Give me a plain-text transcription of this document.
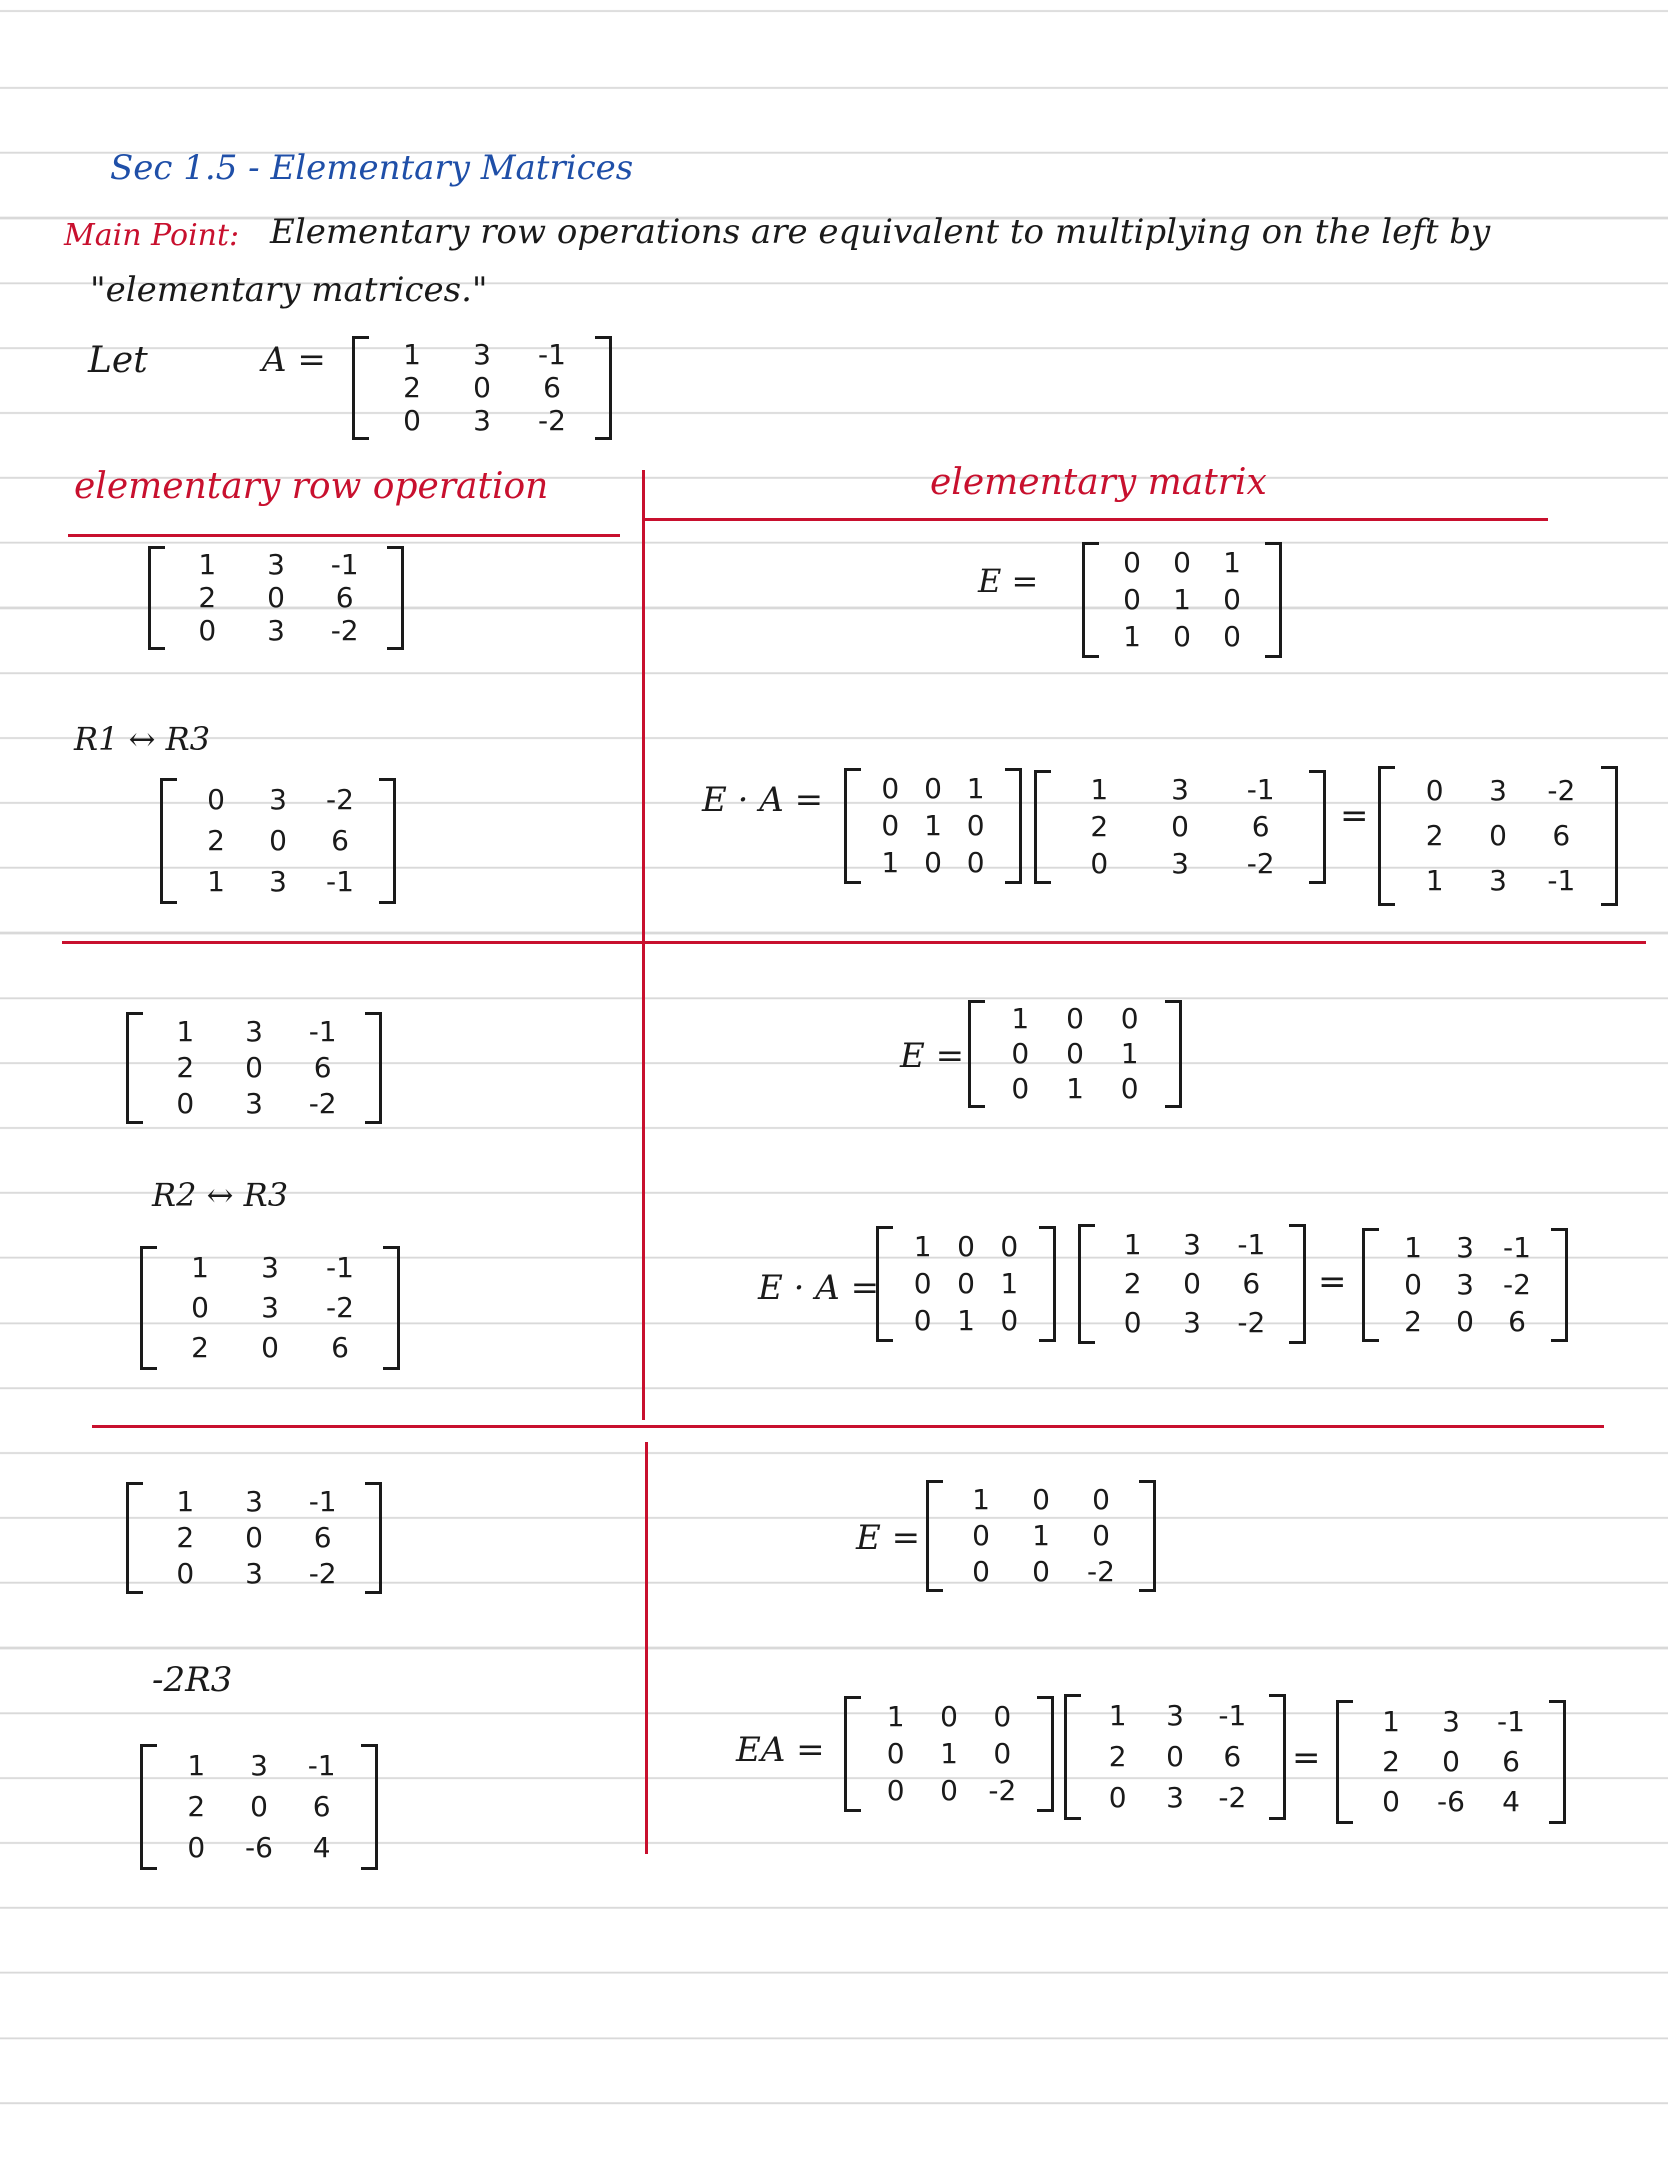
Sec 1.5 - Elementary Matrices
Main Point: Elementary row operations are equivalent to multiplying on the left by
"elementary matrices."
Let	A =	1 3 -1
2 0 6
0 3 -2
elementary row operation	elementary matrix
1 3 -1
2 0 6
0 3 -2
R1 ↔ R3
0 3 -2
2 0 6
1 3 -1
E =	0 0 1
0 1 0
1 0 0
E · A = 0 0 1
0 1 0
1 0 0
1 3 -1
2 0 6
0 3 -2
=
0 3 -2
2 0 6
1 3 -1
1 3 -1
2 0 6
0 3 -2
R2 ↔ R3
1 3 -1
0 3 -2
2 0 6
E =
1 0 0
0 0 1
0 1 0
E · A =
1 0 0
0 0 1
0 1 0
1 3 -1
2 0 6
0 3 -2
=
1 3 -1
0 3 -2
2 0 6
1 3 -1
2 0 6
0 3 -2
-2R3
1 3 -1
2 0 6
0 -6 4
E =
1 0 0
0 1 0
0 0 -2
EA =
1 0 0
0 1 0
0 0 -2
1 3 -1
2 0 6
0 3 -2
=
1 3 -1
2 0 6
0 -6 4
